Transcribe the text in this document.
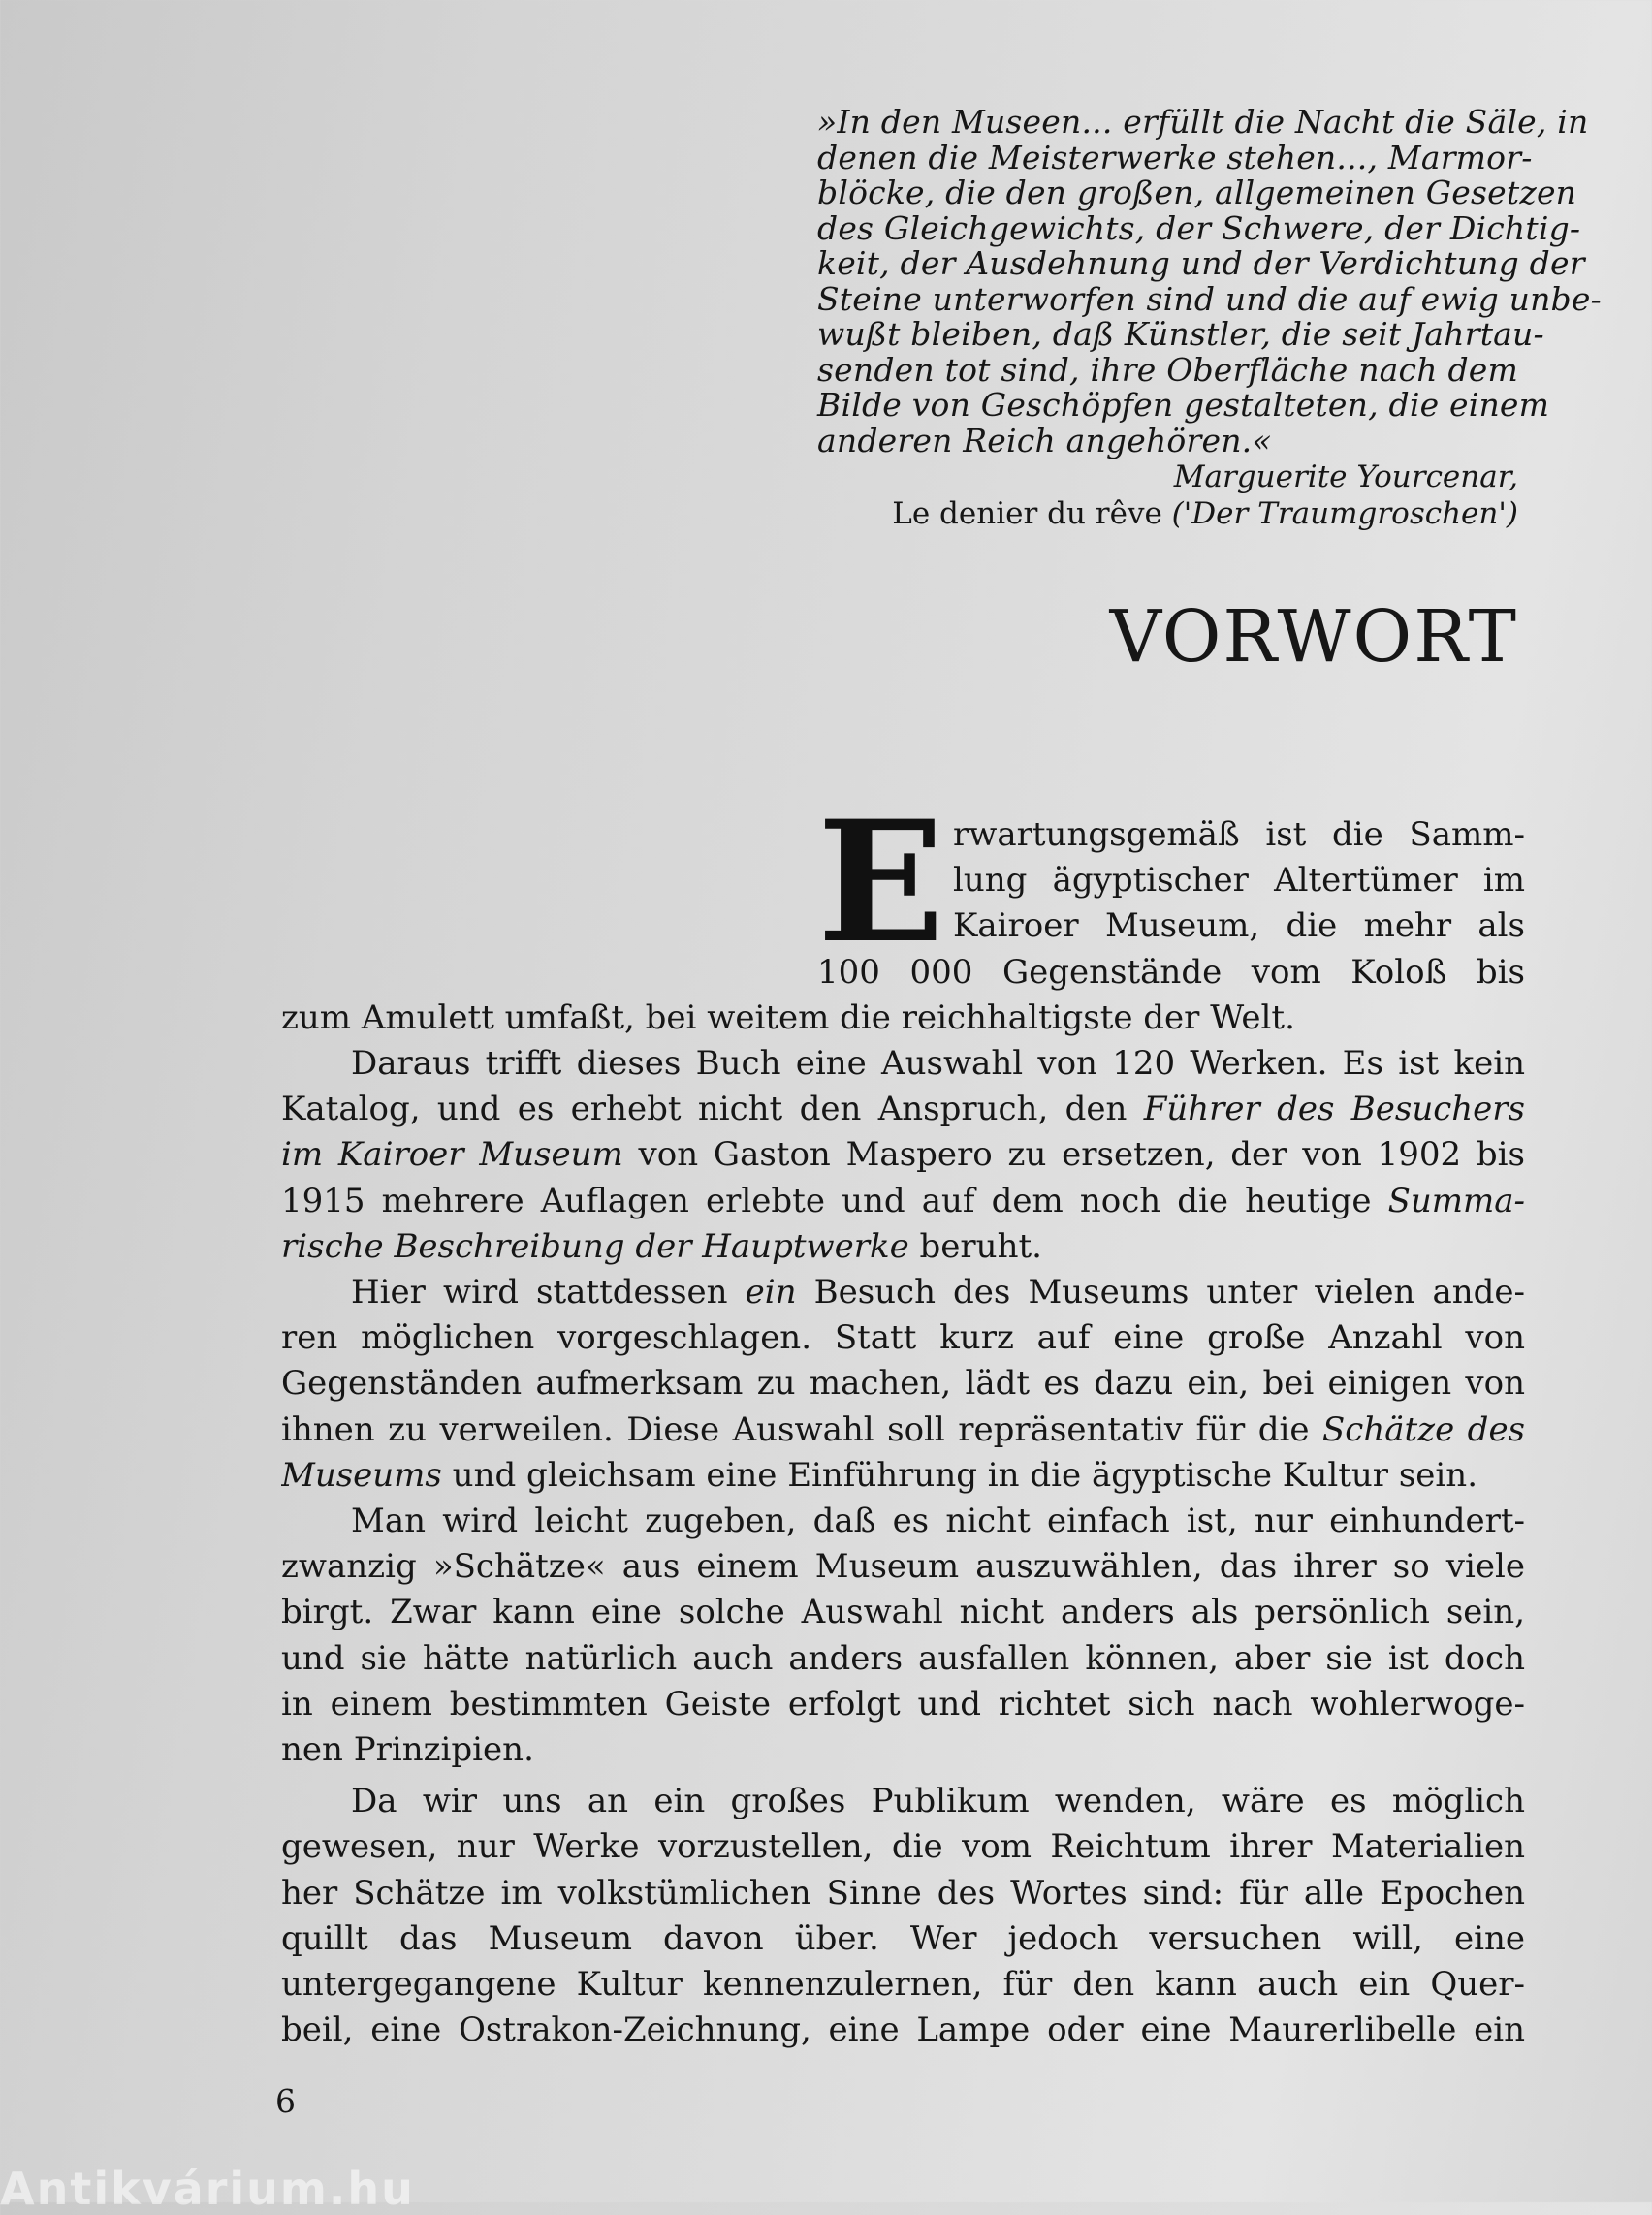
»In den Museen... erfüllt die Nacht die Säle, in
denen die Meisterwerke stehen..., Marmor-
blöcke, die den großen, allgemeinen Gesetzen
des Gleichgewichts, der Schwere, der Dichtig-
keit, der Ausdehnung und der Verdichtung der
Steine unterworfen sind und die auf ewig unbe-
wußt bleiben, daß Künstler, die seit Jahrtau-
senden tot sind, ihre Oberfläche nach dem
Bilde von Geschöpfen gestalteten, die einem
anderen Reich angehören.«
Marguerite Yourcenar,
Le denier du rêve ('Der Traumgroschen')
VORWORT
E rwartungsgemäß ist die Samm-
lung ägyptischer Altertümer im
Kairoer Museum, die mehr als
100 000 Gegenstände vom Koloß bis
zum Amulett umfaßt, bei weitem die reichhaltigste der Welt.
Daraus trifft dieses Buch eine Auswahl von 120 Werken. Es ist kein
Katalog, und es erhebt nicht den Anspruch, den Führer des Besuchers
im Kairoer Museum von Gaston Maspero zu ersetzen, der von 1902 bis
1915 mehrere Auflagen erlebte und auf dem noch die heutige Summa-
rische Beschreibung der Hauptwerke beruht.
Hier wird stattdessen ein Besuch des Museums unter vielen ande-
ren möglichen vorgeschlagen. Statt kurz auf eine große Anzahl von
Gegenständen aufmerksam zu machen, lädt es dazu ein, bei einigen von
ihnen zu verweilen. Diese Auswahl soll repräsentativ für die Schätze des
Museums und gleichsam eine Einführung in die ägyptische Kultur sein.
Man wird leicht zugeben, daß es nicht einfach ist, nur einhundert-
zwanzig »Schätze« aus einem Museum auszuwählen, das ihrer so viele
birgt. Zwar kann eine solche Auswahl nicht anders als persönlich sein,
und sie hätte natürlich auch anders ausfallen können, aber sie ist doch
in einem bestimmten Geiste erfolgt und richtet sich nach wohlerwoge-
nen Prinzipien.
Da wir uns an ein großes Publikum wenden, wäre es möglich
gewesen, nur Werke vorzustellen, die vom Reichtum ihrer Materialien
her Schätze im volkstümlichen Sinne des Wortes sind: für alle Epochen
quillt das Museum davon über. Wer jedoch versuchen will, eine
untergegangene Kultur kennenzulernen, für den kann auch ein Quer-
beil, eine Ostrakon-Zeichnung, eine Lampe oder eine Maurerlibelle ein
6
Antikvárium.hu
